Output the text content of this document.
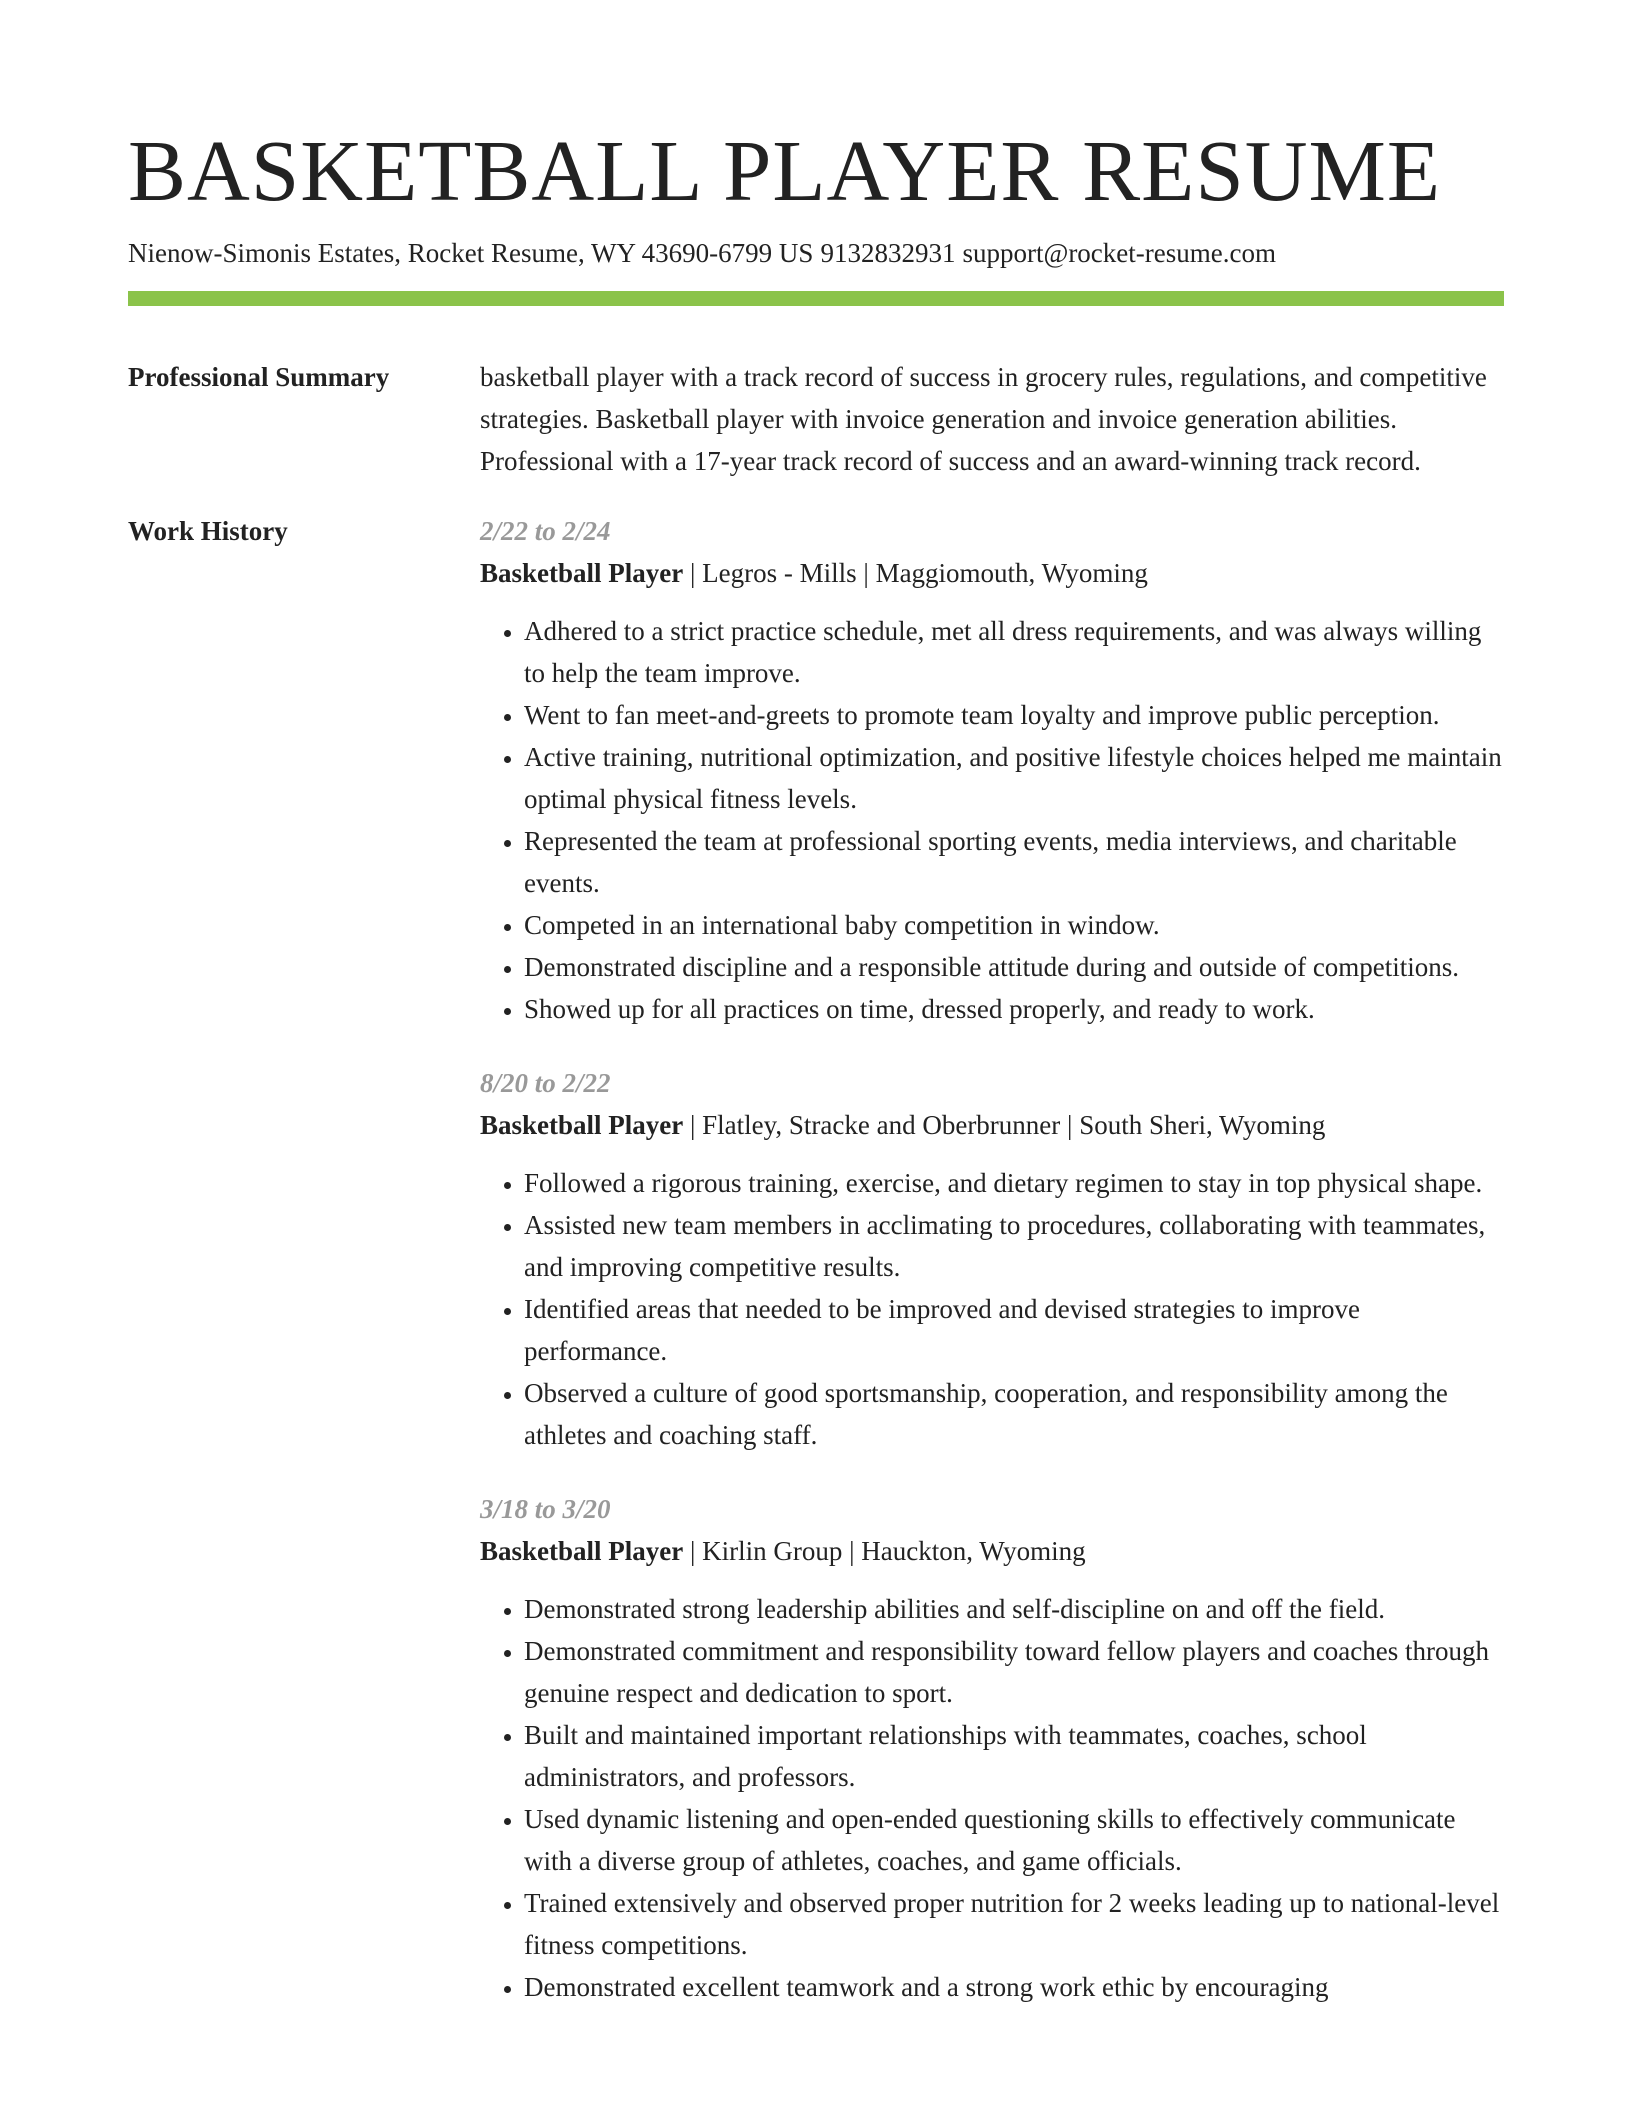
BASKETBALL PLAYER RESUME
Nienow-Simonis Estates, Rocket Resume, WY 43690-6799 US 9132832931 support@rocket-resume.com
Professional Summary	basketball player with a track record of success in grocery rules, regulations, and competitive strategies. Basketball player with invoice generation and invoice generation abilities. Professional with a 17-year track record of success and an award-winning track record.

Work History	2/22 to 2/24
Basketball Player | Legros - Mills | Maggiomouth, Wyoming
• Adhered to a strict practice schedule, met all dress requirements, and was always willing to help the team improve.
• Went to fan meet-and-greets to promote team loyalty and improve public perception.
• Active training, nutritional optimization, and positive lifestyle choices helped me maintain optimal physical fitness levels.
• Represented the team at professional sporting events, media interviews, and charitable events.
• Competed in an international baby competition in window.
• Demonstrated discipline and a responsible attitude during and outside of competitions.
• Showed up for all practices on time, dressed properly, and ready to work.
8/20 to 2/22
Basketball Player | Flatley, Stracke and Oberbrunner | South Sheri, Wyoming
• Followed a rigorous training, exercise, and dietary regimen to stay in top physical shape.
• Assisted new team members in acclimating to procedures, collaborating with teammates, and improving competitive results.
• Identified areas that needed to be improved and devised strategies to improve performance.
• Observed a culture of good sportsmanship, cooperation, and responsibility among the athletes and coaching staff.
3/18 to 3/20
Basketball Player | Kirlin Group | Hauckton, Wyoming
• Demonstrated strong leadership abilities and self-discipline on and off the field.
• Demonstrated commitment and responsibility toward fellow players and coaches through genuine respect and dedication to sport.
• Built and maintained important relationships with teammates, coaches, school administrators, and professors.
• Used dynamic listening and open-ended questioning skills to effectively communicate with a diverse group of athletes, coaches, and game officials.
• Trained extensively and observed proper nutrition for 2 weeks leading up to national-level fitness competitions.
• Demonstrated excellent teamwork and a strong work ethic by encouraging
